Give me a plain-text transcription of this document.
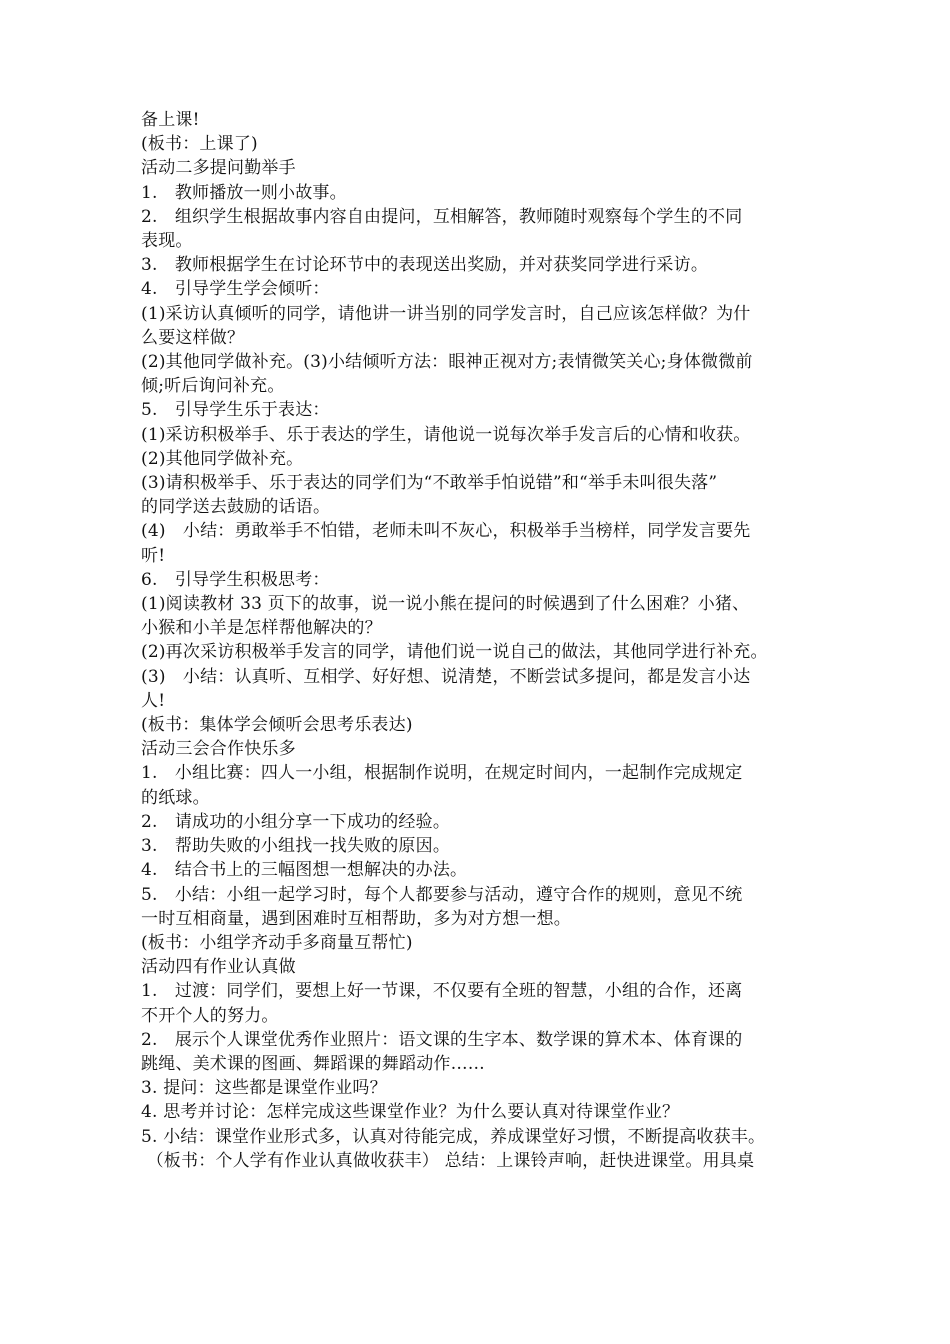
备上课!
(板书：上课了)
活动二多提问勤举手
1.　教师播放一则小故事。
2.　组织学生根据故事内容自由提问，互相解答，教师随时观察每个学生的不同
表现。
3.　教师根据学生在讨论环节中的表现送出奖励，并对获奖同学进行采访。
4.　引导学生学会倾听：
(1)采访认真倾听的同学，请他讲一讲当别的同学发言时，自己应该怎样做？为什
么要这样做？
(2)其他同学做补充。(3)小结倾听方法：眼神正视对方;表情微笑关心;身体微微前
倾;听后询问补充。
5.　引导学生乐于表达：
(1)采访积极举手、乐于表达的学生，请他说一说每次举手发言后的心情和收获。
(2)其他同学做补充。
(3)请积极举手、乐于表达的同学们为“不敢举手怕说错”和“举手未叫很失落”
的同学送去鼓励的话语。
(4)　小结：勇敢举手不怕错，老师未叫不灰心，积极举手当榜样，同学发言要先
听!
6.　引导学生积极思考：
(1)阅读教材 33 页下的故事，说一说小熊在提问的时候遇到了什么困难？小猪、
小猴和小羊是怎样帮他解决的？
(2)再次采访积极举手发言的同学，请他们说一说自己的做法，其他同学进行补充。
(3)　小结：认真听、互相学、好好想、说清楚，不断尝试多提问，都是发言小达
人!
(板书：集体学会倾听会思考乐表达)
活动三会合作快乐多
1.　小组比赛：四人一小组，根据制作说明，在规定时间内，一起制作完成规定
的纸球。
2.　请成功的小组分享一下成功的经验。
3.　帮助失败的小组找一找失败的原因。
4.　结合书上的三幅图想一想解决的办法。
5.　小结：小组一起学习时，每个人都要参与活动，遵守合作的规则，意见不统
一时互相商量，遇到困难时互相帮助，多为对方想一想。
(板书：小组学齐动手多商量互帮忙)
活动四有作业认真做
1.　过渡：同学们，要想上好一节课，不仅要有全班的智慧，小组的合作，还离
不开个人的努力。
2.　展示个人课堂优秀作业照片：语文课的生字本、数学课的算术本、体育课的
跳绳、美术课的图画、舞蹈课的舞蹈动作……
3. 提问：这些都是课堂作业吗？
4. 思考并讨论：怎样完成这些课堂作业？为什么要认真对待课堂作业？
5. 小结：课堂作业形式多，认真对待能完成，养成课堂好习惯，不断提高收获丰。
（板书：个人学有作业认真做收获丰） 总结：上课铃声响，赶快进课堂。用具桌
